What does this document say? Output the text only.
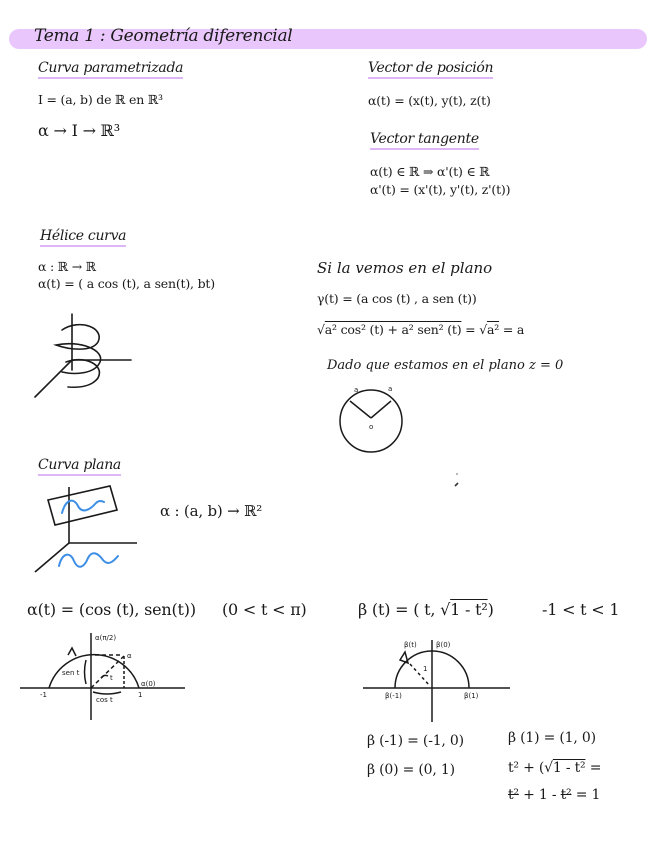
Tema 1 : Geometría diferencial
Curva parametrizada
I = (a, b) de ℝ en ℝ³
α → I → ℝ³
Vector de posición
α(t) = (x(t), y(t), z(t)
Vector tangente
α(t) ∈ ℝ ⇒ α'(t) ∈ ℝ
α'(t) = (x'(t), y'(t), z'(t))
Hélice curva
α : ℝ → ℝ
α(t) = ( a cos (t), a sen(t), bt)
Si la vemos en el plano
γ(t) = (a cos (t) , a sen (t))
√a² cos² (t) + a² sen² (t) = √a² = a
Dado que estamos en el plano z = 0
a	a
o
Curva plana
α : (a, b) → ℝ²
α(t) = (cos (t), sen(t)) (0 < t < π)
α(π/2)
α
α(0)
-1	1
sen t
cos t
t
β (t) = ( t, √1 - t²)	-1 < t < 1
β(t)	β(0)
β(-1)	β(1)
1
β (-1) = (-1, 0)
β (0) = (0, 1)
β (1) = (1, 0)
t² + (√1 - t² =
t² + 1 - t² = 1
